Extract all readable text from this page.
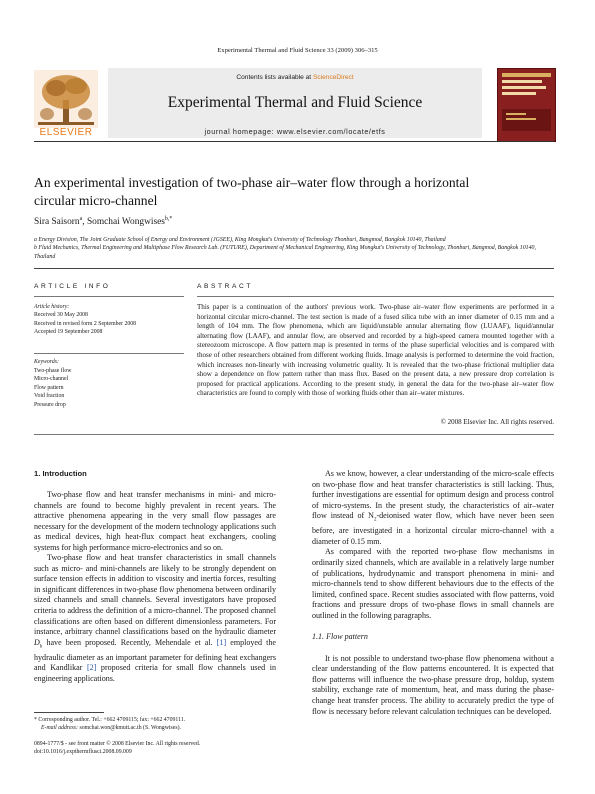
Experimental Thermal and Fluid Science 33 (2009) 306–315
Contents lists available at ScienceDirect
Experimental Thermal and Fluid Science
journal homepage: www.elsevier.com/locate/etfs
ELSEVIER
An experimental investigation of two-phase air–water flow through a horizontal circular micro-channel
Sira Saisorn$^a$, Somchai Wongwises$^{b,*}$
a Energy Division, The Joint Graduate School of Energy and Environment (JGSEE), King Mongkut's University of Technology Thonburi, Bangmod, Bangkok 10140, Thailand
b Fluid Mechanics, Thermal Engineering and Multiphase Flow Research Lab. (FUTURE), Department of Mechanical Engineering, King Mongkut's University of Technology, Thonburi, Bangmod, Bangkok 10140, Thailand
ARTICLE INFO	ABSTRACT
Article history:
Received 30 May 2008
Received in revised form 2 September 2008
Accepted 19 September 2008
Keywords:
Two-phase flow
Micro-channel
Flow pattern
Void fraction
Pressure drop
This paper is a continuation of the authors' previous work. Two-phase air–water flow experiments are performed in a horizontal circular micro-channel. The test section is made of a fused silica tube with an inner diameter of 0.15 mm and a length of 104 mm. The flow phenomena, which are liquid/unstable annular alternating flow (LUAAF), liquid/annular alternating flow (LAAF), and annular flow, are observed and recorded by a high-speed camera mounted together with a stereozoom microscope. A flow pattern map is presented in terms of the phase superficial velocities and is compared with those of other researchers obtained from different working fluids. Image analysis is performed to determine the void fraction, which increases non-linearly with increasing volumetric quality. It is revealed that the two-phase frictional multiplier data show a dependence on flow pattern rather than mass flux. Based on the present data, a new pressure drop correlation is proposed for practical applications. According to the present study, in general the data for the two-phase air–water flow characteristics are found to comply with those of working fluids other than air–water mixtures.
© 2008 Elsevier Inc. All rights reserved.
1. Introduction

Two-phase flow and heat transfer mechanisms in mini- and micro-channels are found to become highly prevalent in recent years. The attractive phenomena appearing in the very small flow passages are necessary for the development of the modern technology applications such as medical devices, high heat-flux compact heat exchangers, cooling systems for high performance micro-electronics and so on.

Two-phase flow and heat transfer characteristics in small channels such as micro- and mini-channels are likely to be strongly dependent on surface tension effects in addition to viscosity and inertia forces, resulting in significant differences in two-phase flow phenomena between ordinarily sized channels and small channels. Several investigators have proposed criteria to address the definition of a micro-channel. The proposed channel classifications are often based on different dimensionless parameters. For instance, arbitrary channel classifications based on the hydraulic diameter $D_h$ have been proposed. Recently, Mehendale et al. [1] employed the hydraulic diameter as an important parameter for defining heat exchangers and Kandlikar [2] proposed criteria for small flow channels used in engineering applications.

As we know, however, a clear understanding of the micro-scale effects on two-phase flow and heat transfer characteristics is still lacking. Thus, further investigations are essential for optimum design and process control of micro-systems. In the present study, the characteristics of air–water flow instead of $N_2$-deionised water flow, which have never been seen before, are investigated in a horizontal circular micro-channel with a diameter of 0.15 mm.

As compared with the reported two-phase flow mechanisms in ordinarily sized channels, which are available in a relatively large number of publications, hydrodynamic and transport phenomena in mini- and micro-channels tend to show different behaviours due to the effects of the limited, confined space. Recent studies associated with flow patterns, void fractions and pressure drops of two-phase flows in small channels are outlined in the following paragraphs.

1.1. Flow pattern

It is not possible to understand two-phase flow phenomena without a clear understanding of the flow patterns encountered. It is expected that flow patterns will influence the two-phase pressure drop, holdup, system stability, exchange rate of momentum, heat, and mass during the phase-change heat transfer process. The ability to accurately predict the type of flow is necessary before relevant calculation techniques can be developed.

* Corresponding author. Tel.: +662 4709115; fax: +662 4709111.
E-mail address: somchai.won@kmutt.ac.th (S. Wongwises).
0894-1777/$ - see front matter © 2008 Elsevier Inc. All rights reserved.
doi:10.1016/j.expthermflusci.2008.09.009
